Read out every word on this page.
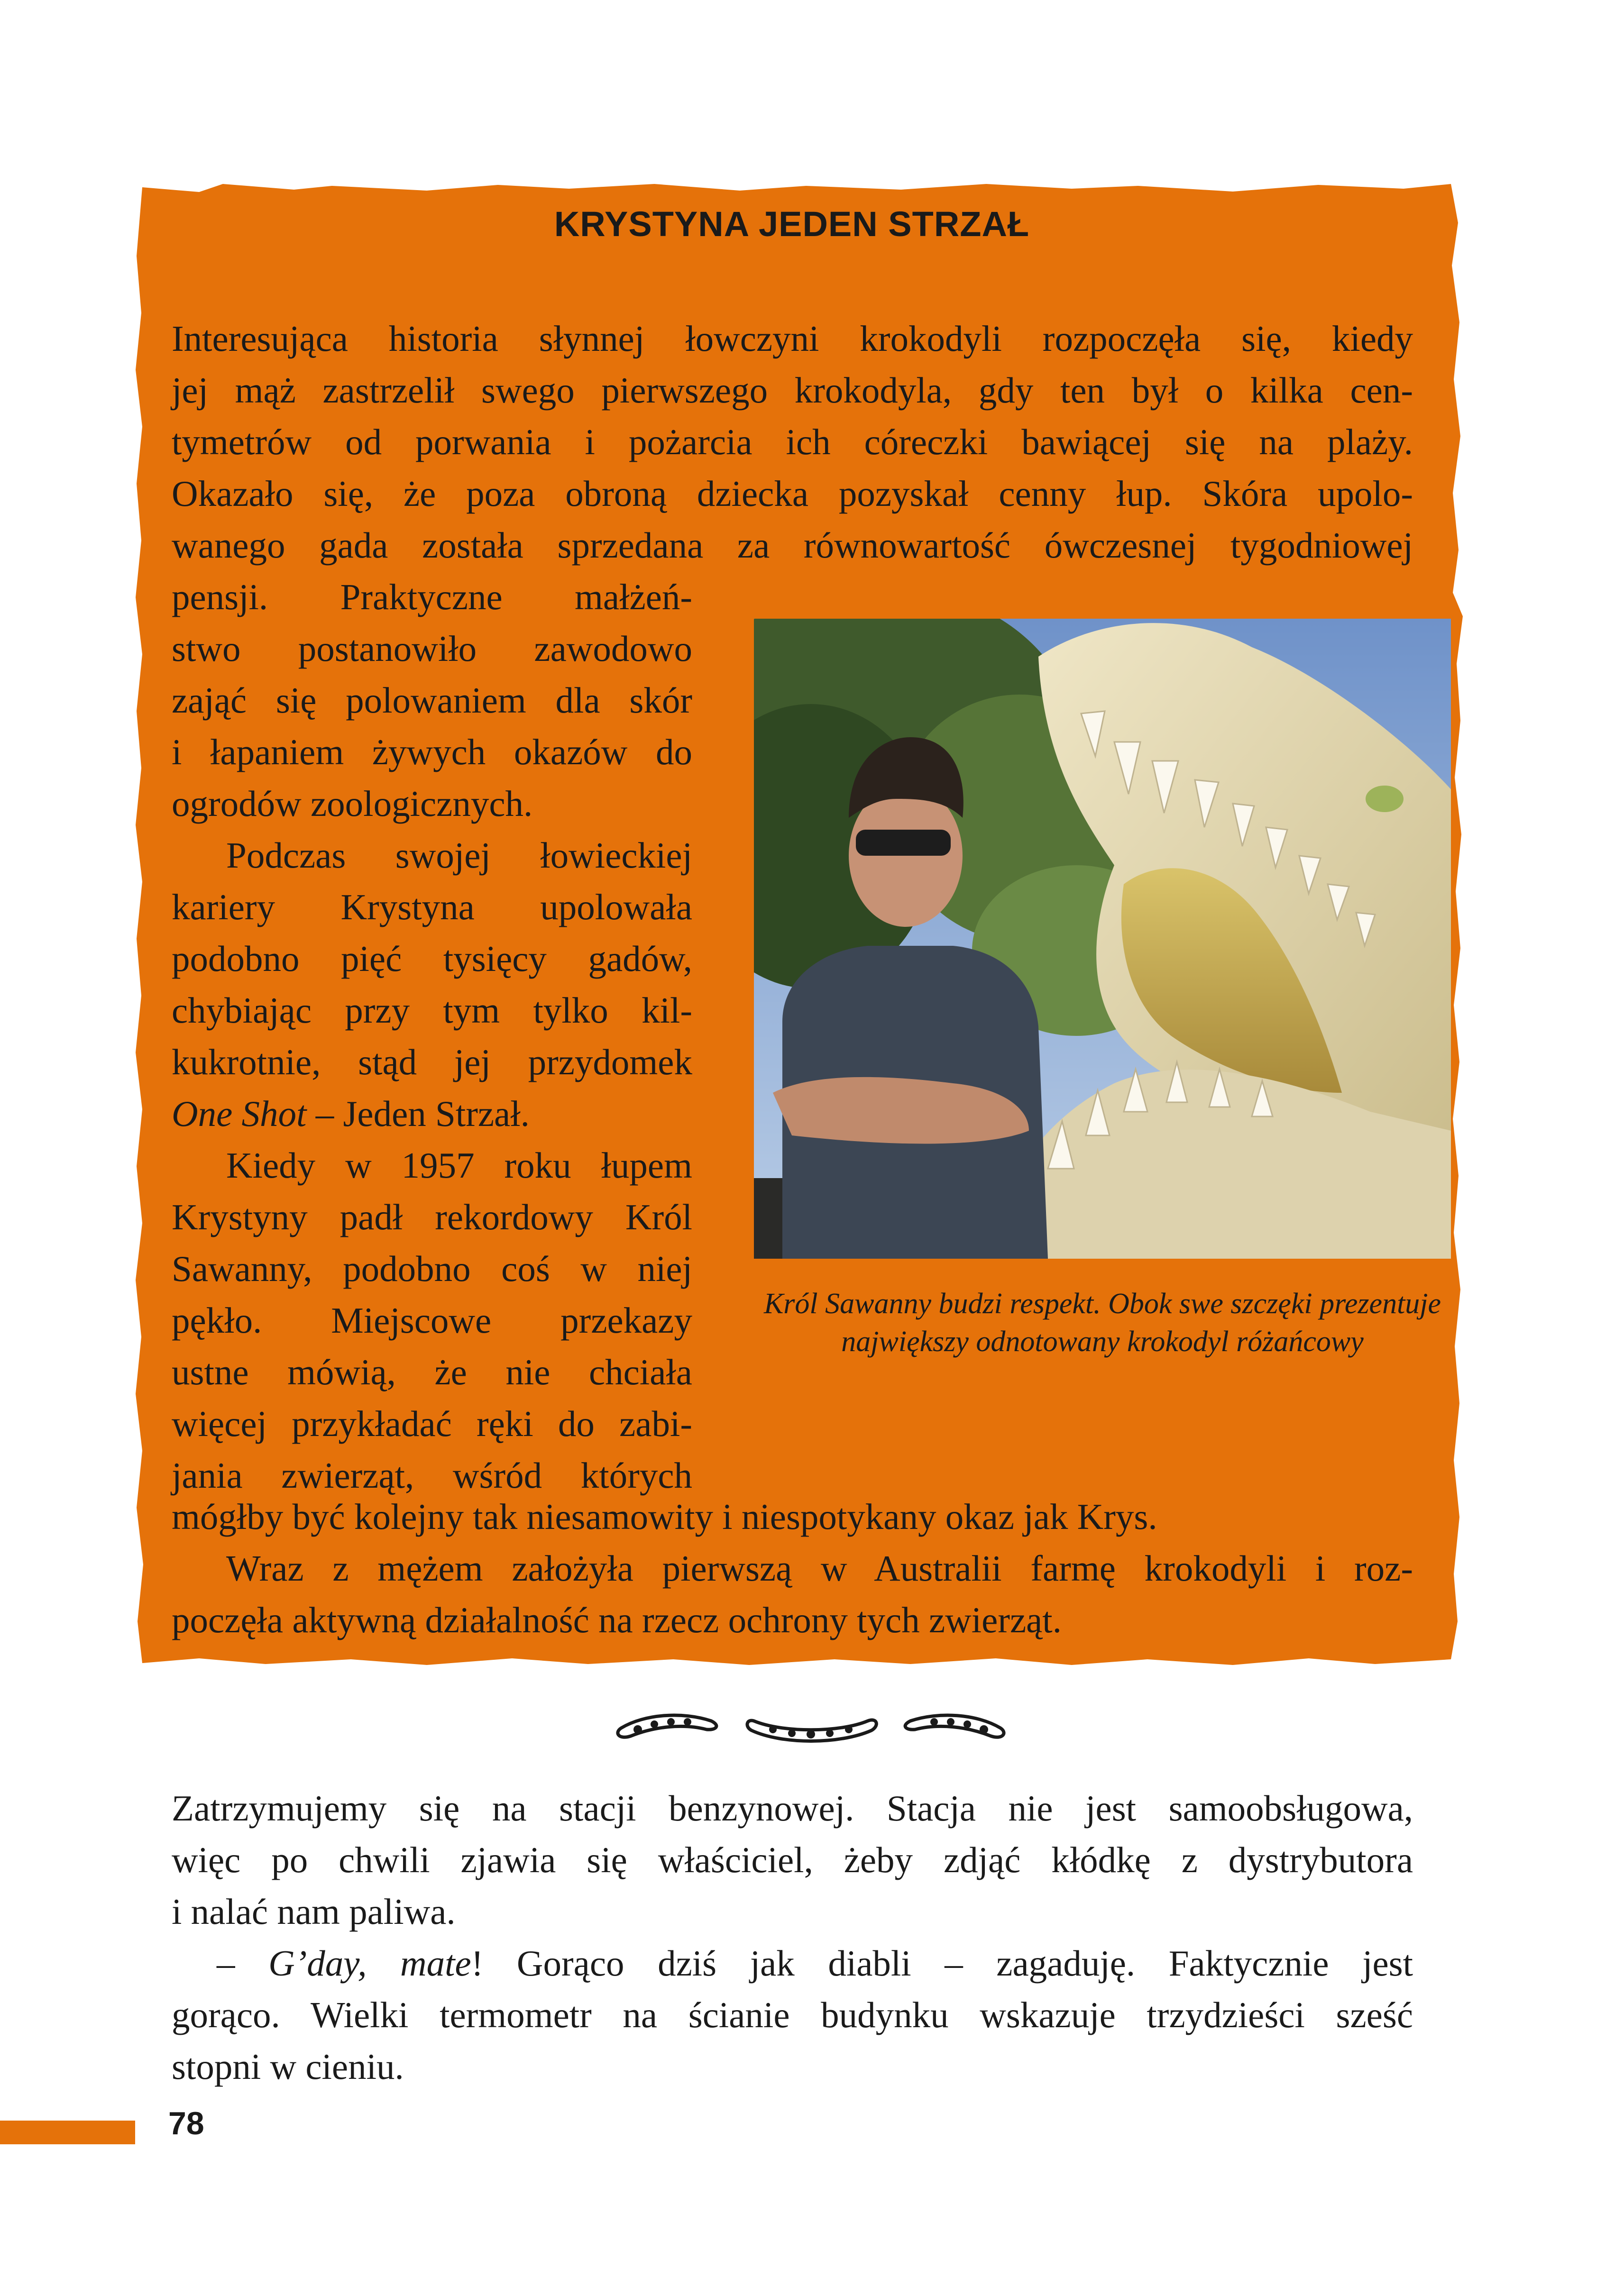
KRYSTYNA JEDEN STRZAŁ
Interesująca historia słynnej łowczyni krokodyli rozpoczęła się, kiedy
jej mąż zastrzelił swego pierwszego krokodyla, gdy ten był o kilka cen-
tymetrów od porwania i pożarcia ich córeczki bawiącej się na plaży.
Okazało się, że poza obroną dziecka pozyskał cenny łup. Skóra upolo-
wanego gada została sprzedana za równowartość ówczesnej tygodniowej
pensji. Praktyczne małżeń-
stwo postanowiło zawodowo
zająć się polowaniem dla skór
i łapaniem żywych okazów do
ogrodów zoologicznych.
Podczas swojej łowieckiej
kariery Krystyna upolowała
podobno pięć tysięcy gadów,
chybiając przy tym tylko kil-
kukrotnie, stąd jej przydomek
One Shot – Jeden Strzał.
Kiedy w 1957 roku łupem
Krystyny padł rekordowy Król
Sawanny, podobno coś w niej
pękło. Miejscowe przekazy
ustne mówią, że nie chciała
więcej przykładać ręki do zabi-
jania zwierząt, wśród których
Król Sawanny budzi respekt. Obok swe szczęki prezentuje największy odnotowany krokodyl różańcowy
mógłby być kolejny tak niesamowity i niespotykany okaz jak Krys.
Wraz z mężem założyła pierwszą w Australii farmę krokodyli i roz-
poczęła aktywną działalność na rzecz ochrony tych zwierząt.
Zatrzymujemy się na stacji benzynowej. Stacja nie jest samoobsługowa,
więc po chwili zjawia się właściciel, żeby zdjąć kłódkę z dystrybutora
i nalać nam paliwa.
– G’day, mate! Gorąco dziś jak diabli – zagaduję. Faktycznie jest
gorąco. Wielki termometr na ścianie budynku wskazuje trzydzieści sześć
stopni w cieniu.
78
